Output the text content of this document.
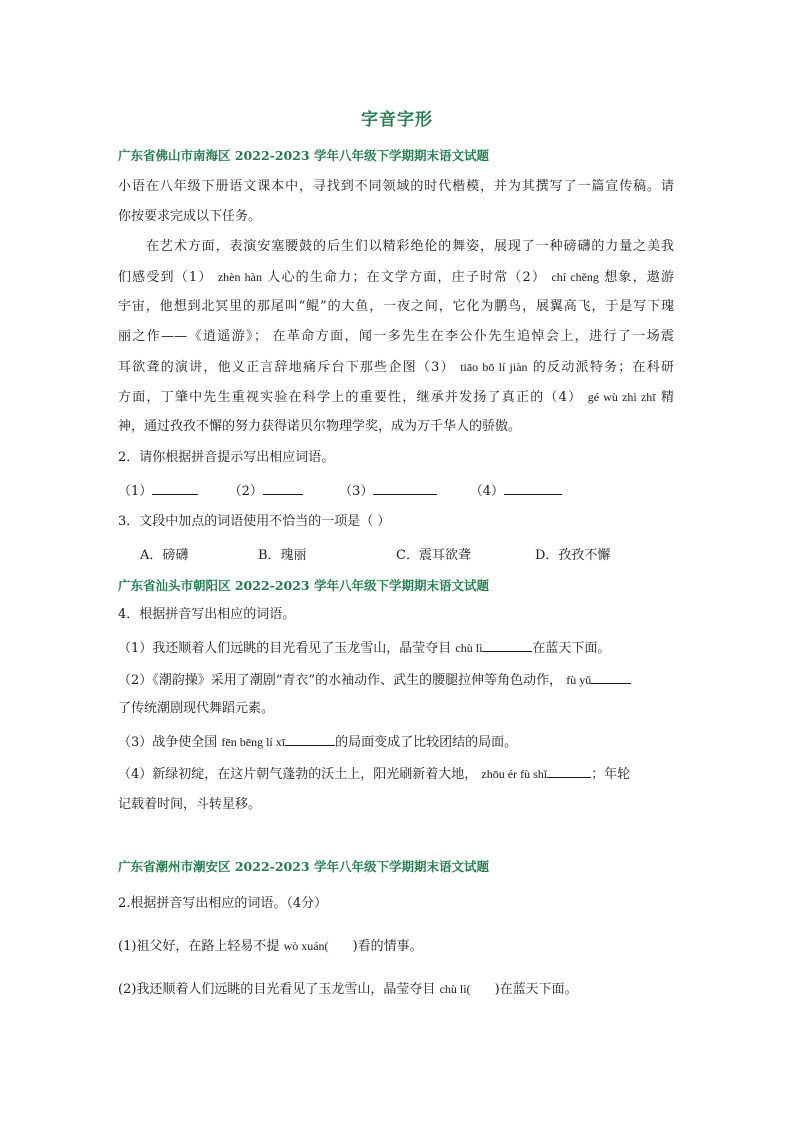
字音字形
广东省佛山市南海区 2022-2023 学年八年级下学期期末语文试题
小语在八年级下册语文课本中，寻找到不同领域的时代楷模，并为其撰写了一篇宣传稿。请
你按要求完成以下任务。
在艺术方面，表演安塞腰鼓的后生们以精彩绝伦的舞姿，展现了一种磅礴的力量之美我
们感受到（1） zhèn hàn 人心的生命力；在文学方面，庄子时常（2） chí chěng 想象，遨游
宇宙，他想到北冥里的那尾叫“鲲”的大鱼，一夜之间，它化为鹏鸟，展翼高飞，于是写下瑰
丽之作——《逍遥游》； 在革命方面，闻一多先生在李公仆先生追悼会上，进行了一场震
耳欲聋的演讲，他义正言辞地痛斥台下那些企图（3） tiāo bō lí jiàn 的反动派特务；在科研
方面，丁肇中先生重视实验在科学上的重要性，继承并发扬了真正的（4） gé wù zhì zhī 精
神，通过孜孜不懈的努力获得诺贝尔物理学奖，成为万千华人的骄傲。
2．请你根据拼音提示写出相应词语。
（1）	（2）	（3）	（4）
3．文段中加点的词语使用不恰当的一项是（ ）
A．磅礴	B．瑰丽	C．震耳欲聋	D．孜孜不懈
广东省汕头市朝阳区 2022-2023 学年八年级下学期期末语文试题
4．根据拼音写出相应的词语。
（1）我还顺着人们远眺的目光看见了玉龙雪山，晶莹夺目 chù lì	在蓝天下面。
（2）《潮韵操》采用了潮剧“青衣”的水袖动作、武生的腰腿拉伸等角色动作， fù yǔ
了传统潮剧现代舞蹈元素。
（3）战争使全国 fēn bēng lí xī	的局面变成了比较团结的局面。
（4）新绿初绽，在这片朝气蓬勃的沃土上，阳光刷新着大地， zhōu ér fù shǐ	；年轮
记载着时间，斗转星移。
广东省潮州市潮安区 2022-2023 学年八年级下学期期末语文试题
2.根据拼音写出相应的词语。（4分）
(1)祖父好，在路上轻易不提 wò xuán( )看的情事。
(2)我还顺着人们远眺的目光看见了玉龙雪山，晶莹夺目 chù lì( )在蓝天下面。
